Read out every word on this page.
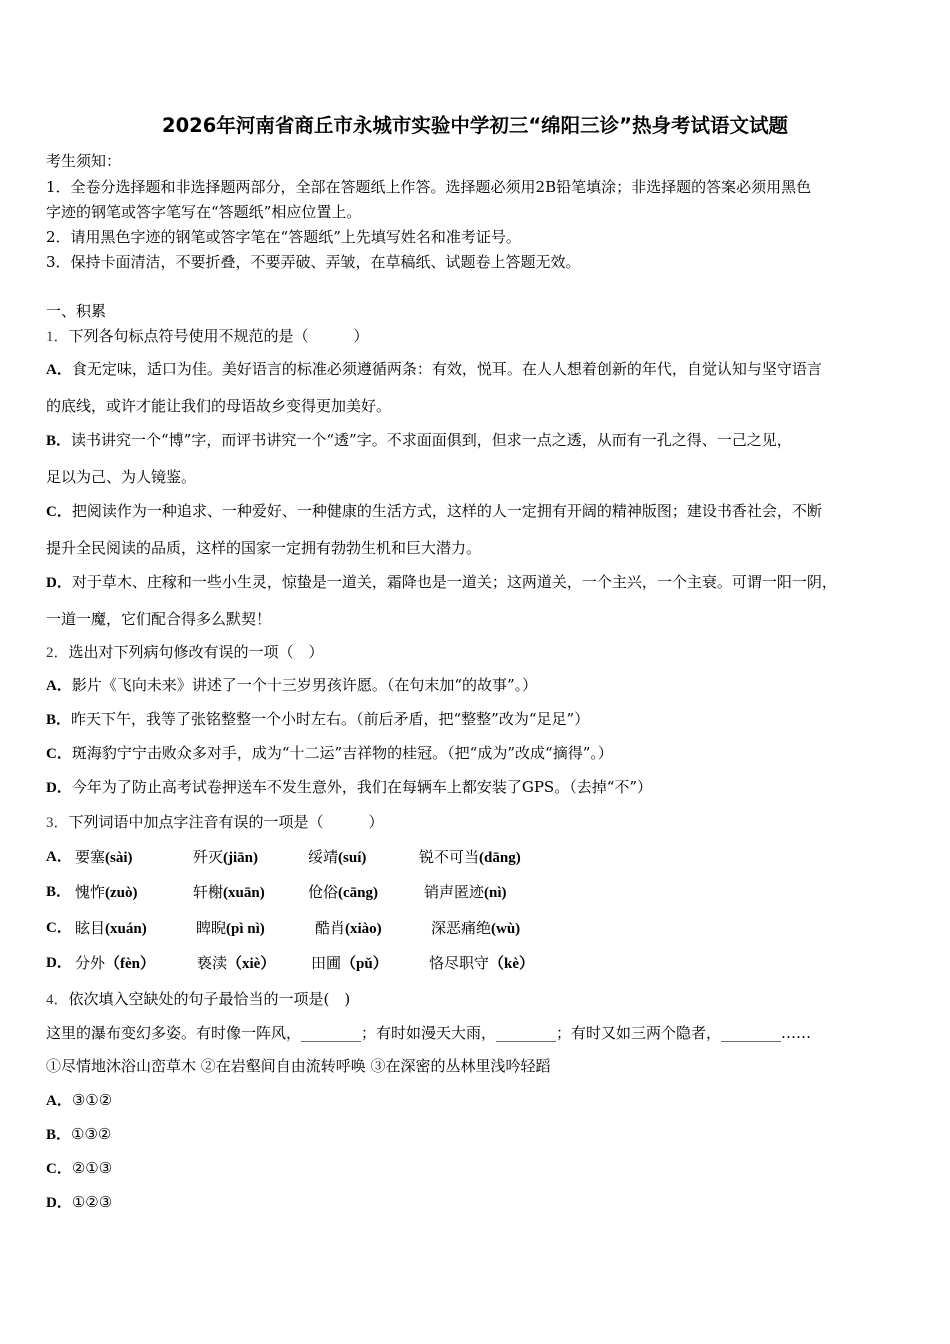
2026年河南省商丘市永城市实验中学初三“绵阳三诊”热身考试语文试题
考生须知：
1．全卷分选择题和非选择题两部分，全部在答题纸上作答。选择题必须用2B铅笔填涂；非选择题的答案必须用黑色
字迹的钢笔或答字笔写在“答题纸”相应位置上。
2．请用黑色字迹的钢笔或答字笔在“答题纸”上先填写姓名和准考证号。
3．保持卡面清洁，不要折叠，不要弄破、弄皱，在草稿纸、试题卷上答题无效。
一、积累
1．下列各句标点符号使用不规范的是（　　　）
A．食无定味，适口为佳。美好语言的标准必须遵循两条：有效，悦耳。在人人想着创新的年代，自觉认知与坚守语言
的底线，或许才能让我们的母语故乡变得更加美好。
B．读书讲究一个“博”字，而评书讲究一个“透”字。不求面面俱到，但求一点之透，从而有一孔之得、一己之见，
足以为己、为人镜鉴。
C．把阅读作为一种追求、一种爱好、一种健康的生活方式，这样的人一定拥有开阔的精神版图；建设书香社会，不断
提升全民阅读的品质，这样的国家一定拥有勃勃生机和巨大潜力。
D．对于草木、庄稼和一些小生灵，惊蛰是一道关，霜降也是一道关；这两道关，一个主兴，一个主衰。可谓一阳一阴，
一道一魔，它们配合得多么默契！
2．选出对下列病句修改有误的一项（　）
A．影片《飞向未来》讲述了一个十三岁男孩许愿。（在句末加“的故事”。）
B．昨天下午，我等了张铭整整一个小时左右。（前后矛盾，把“整整”改为“足足”）
C．斑海豹宁宁击败众多对手，成为“十二运”吉祥物的桂冠。（把“成为”改成“摘得”。）
D．今年为了防止高考试卷押送车不发生意外，我们在每辆车上都安装了GPS。（去掉“不”）
3．下列词语中加点字注音有误的一项是（　　　）
A． 要塞(sài)	歼灭(jiān)	绥靖(suí)	锐不可当(dāng)
B． 愧怍(zuò)	轩榭(xuān)	伧俗(cāng)	销声匿迹(nì)
C． 眩目(xuán)	睥睨(pì nì)	酷肖(xiào)	深恶痛绝(wù)
D． 分外（fèn）	亵渎（xiè） 田圃（pǔ）	恪尽职守（kè）
4．依次填入空缺处的句子最恰当的一项是(　)
这里的瀑布变幻多姿。有时像一阵风，________；有时如漫天大雨，________；有时又如三两个隐者，________……
①尽情地沐浴山峦草木 ②在岩壑间自由流转呼唤 ③在深密的丛林里浅吟轻蹈
A．③①②
B．①③②
C．②①③
D．①②③
